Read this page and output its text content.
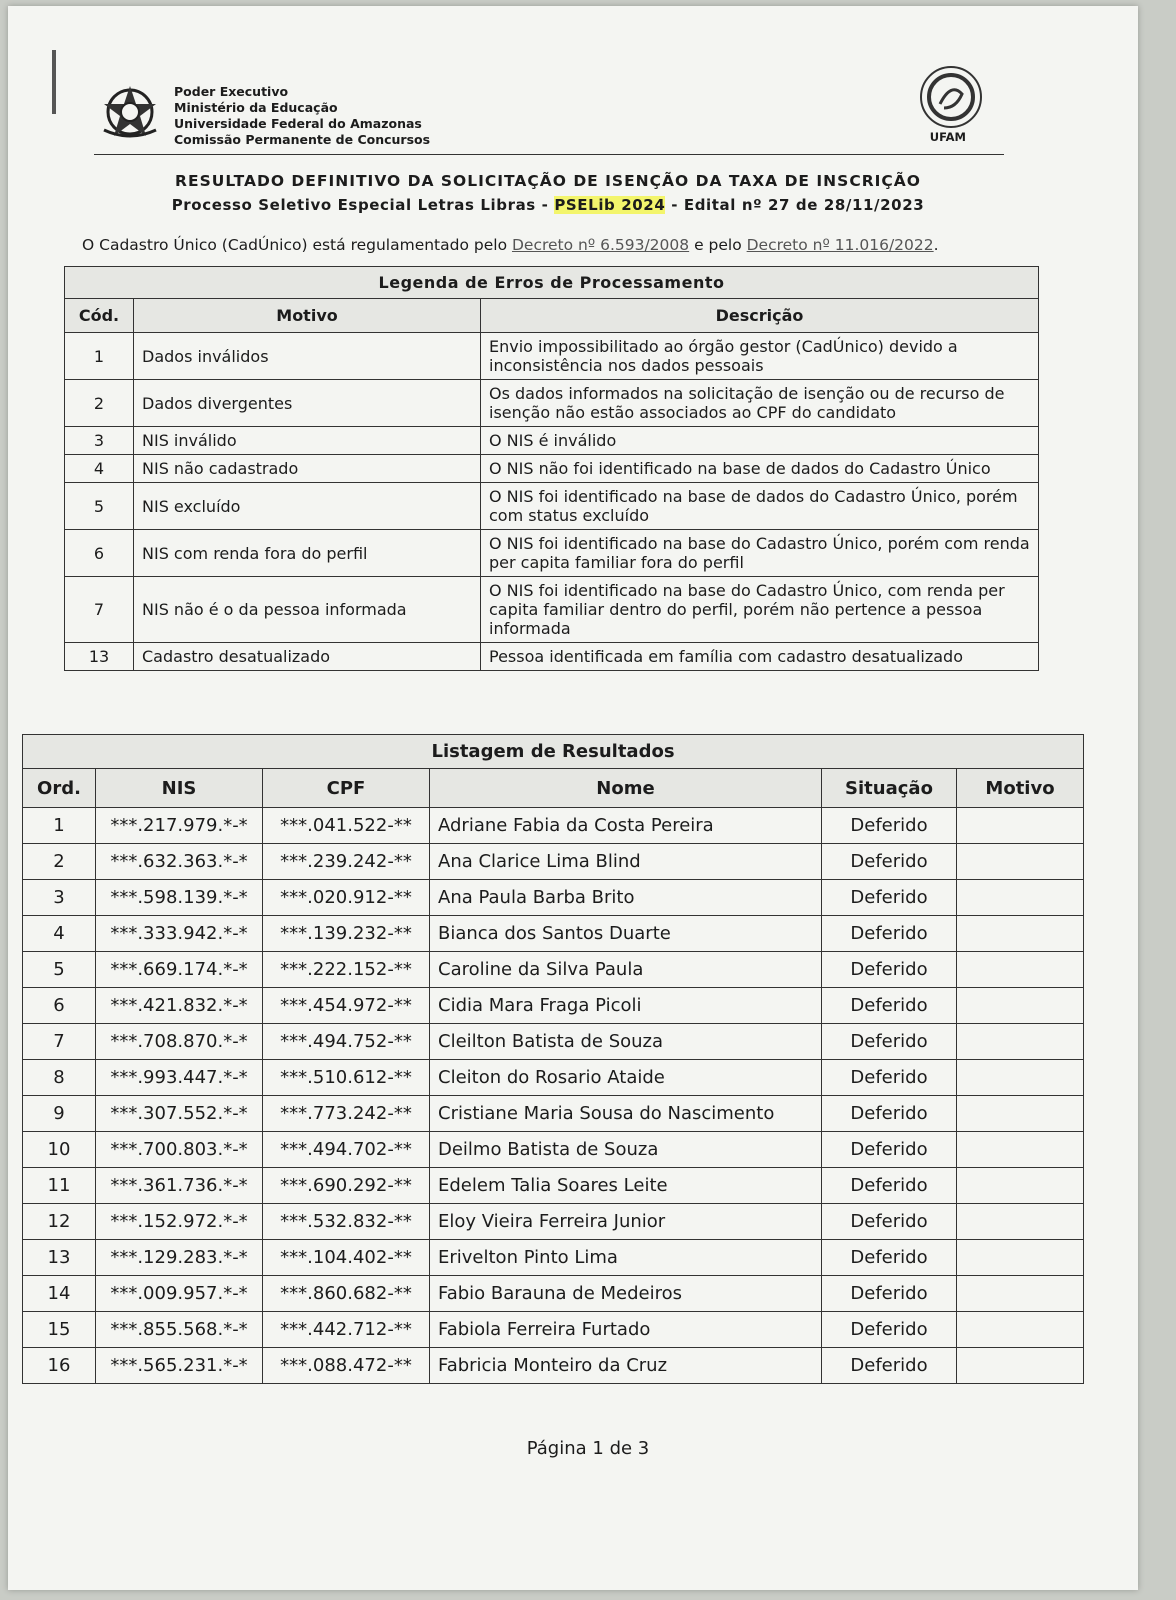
Poder Executivo
Ministério da Educação
Universidade Federal do Amazonas
Comissão Permanente de Concursos	UFAM
RESULTADO DEFINITIVO DA SOLICITAÇÃO DE ISENÇÃO DA TAXA DE INSCRIÇÃO
Processo Seletivo Especial Letras Libras - PSELib 2024 - Edital nº 27 de 28/11/2023
O Cadastro Único (CadÚnico) está regulamentado pelo Decreto nº 6.593/2008 e pelo Decreto nº 11.016/2022.
Legenda de Erros de Processamento
Cód.	Motivo	Descrição
1	Dados inválidos	Envio impossibilitado ao órgão gestor (CadÚnico) devido a inconsistência nos dados pessoais
2	Dados divergentes	Os dados informados na solicitação de isenção ou de recurso de isenção não estão associados ao CPF do candidato
3	NIS inválido	O NIS é inválido
4	NIS não cadastrado	O NIS não foi identificado na base de dados do Cadastro Único
5	NIS excluído	O NIS foi identificado na base de dados do Cadastro Único, porém com status excluído
6	NIS com renda fora do perfil	O NIS foi identificado na base do Cadastro Único, porém com renda per capita familiar fora do perfil
7	NIS não é o da pessoa informada	O NIS foi identificado na base do Cadastro Único, com renda per capita familiar dentro do perfil, porém não pertence a pessoa informada
13	Cadastro desatualizado	Pessoa identificada em família com cadastro desatualizado
Listagem de Resultados
Ord.	NIS	CPF	Nome	Situação	Motivo
1	***.217.979.*-*	***.041.522-**	Adriane Fabia da Costa Pereira	Deferido	
2	***.632.363.*-*	***.239.242-**	Ana Clarice Lima Blind	Deferido	
3	***.598.139.*-*	***.020.912-**	Ana Paula Barba Brito	Deferido	
4	***.333.942.*-*	***.139.232-**	Bianca dos Santos Duarte	Deferido	
5	***.669.174.*-*	***.222.152-**	Caroline da Silva Paula	Deferido	
6	***.421.832.*-*	***.454.972-**	Cidia Mara Fraga Picoli	Deferido	
7	***.708.870.*-*	***.494.752-**	Cleilton Batista de Souza	Deferido	
8	***.993.447.*-*	***.510.612-**	Cleiton do Rosario Ataide	Deferido	
9	***.307.552.*-*	***.773.242-**	Cristiane Maria Sousa do Nascimento	Deferido	
10	***.700.803.*-*	***.494.702-**	Deilmo Batista de Souza	Deferido	
11	***.361.736.*-*	***.690.292-**	Edelem Talia Soares Leite	Deferido	
12	***.152.972.*-*	***.532.832-**	Eloy Vieira Ferreira Junior	Deferido	
13	***.129.283.*-*	***.104.402-**	Erivelton Pinto Lima	Deferido	
14	***.009.957.*-*	***.860.682-**	Fabio Barauna de Medeiros	Deferido	
15	***.855.568.*-*	***.442.712-**	Fabiola Ferreira Furtado	Deferido	
16	***.565.231.*-*	***.088.472-**	Fabricia Monteiro da Cruz	Deferido	
Página 1 de 3
